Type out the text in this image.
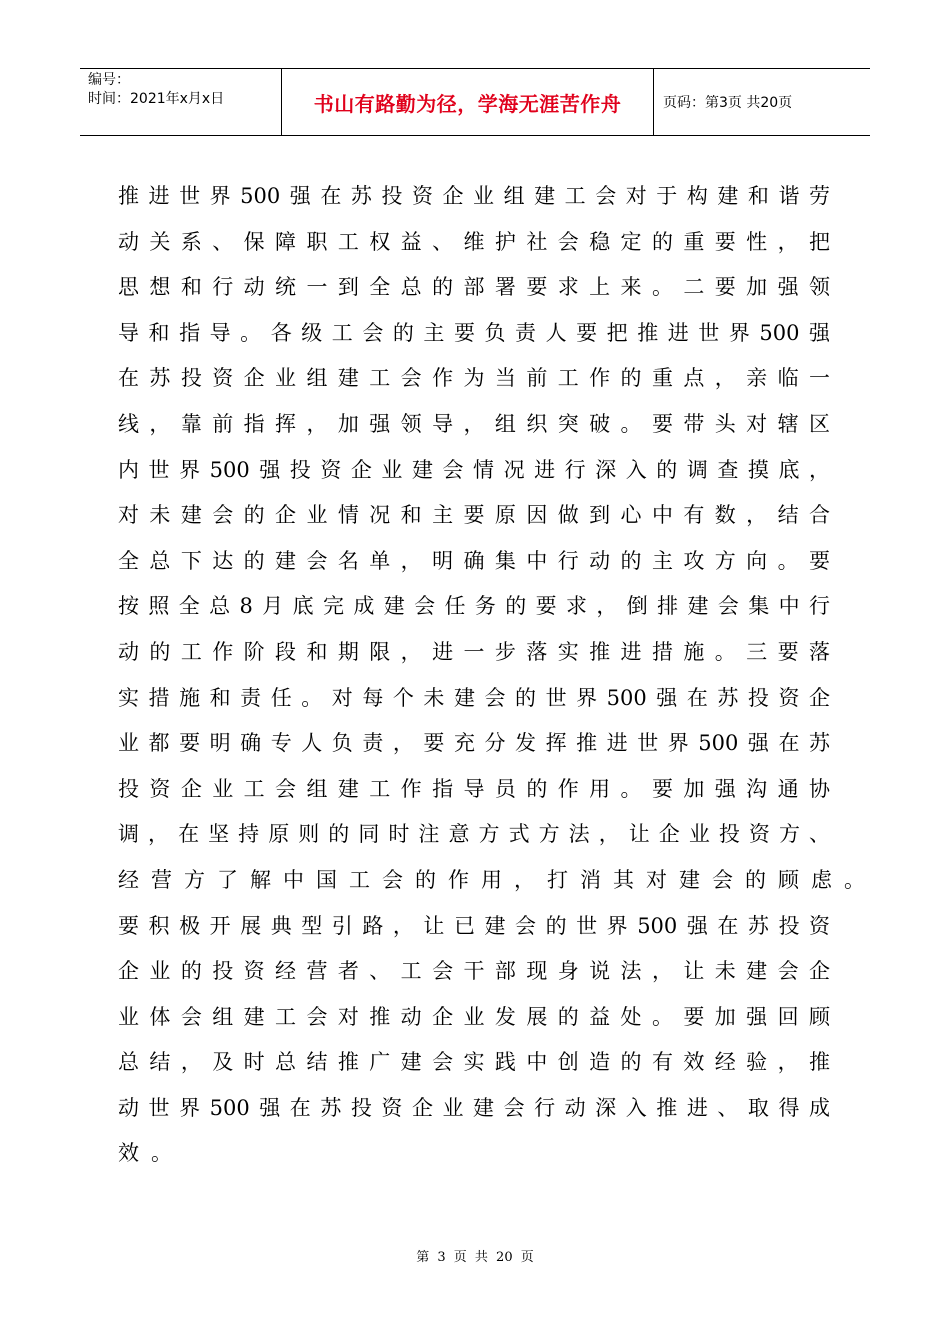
编号：
时间：2021年x月x日	书山有路勤为径，学海无涯苦作舟	页码：第3页 共20页
推进世界500强在苏投资企业组建工会对于构建和谐劳
动关系、保障职工权益、维护社会稳定的重要性，把
思想和行动统一到全总的部署要求上来。二要加强领
导和指导。各级工会的主要负责人要把推进世界500强
在苏投资企业组建工会作为当前工作的重点，亲临一
线，靠前指挥，加强领导，组织突破。要带头对辖区
内世界500强投资企业建会情况进行深入的调查摸底，
对未建会的企业情况和主要原因做到心中有数，结合
全总下达的建会名单，明确集中行动的主攻方向。要
按照全总8月底完成建会任务的要求，倒排建会集中行
动的工作阶段和期限，进一步落实推进措施。三要落
实措施和责任。对每个未建会的世界500强在苏投资企
业都要明确专人负责，要充分发挥推进世界500强在苏
投资企业工会组建工作指导员的作用。要加强沟通协
调，在坚持原则的同时注意方式方法，让企业投资方、
经营方了解中国工会的作用，打消其对建会的顾虑。
要积极开展典型引路，让已建会的世界500强在苏投资
企业的投资经营者、工会干部现身说法，让未建会企
业体会组建工会对推动企业发展的益处。要加强回顾
总结，及时总结推广建会实践中创造的有效经验，推
动世界500强在苏投资企业建会行动深入推进、取得成
效。
第 3 页 共 20 页
